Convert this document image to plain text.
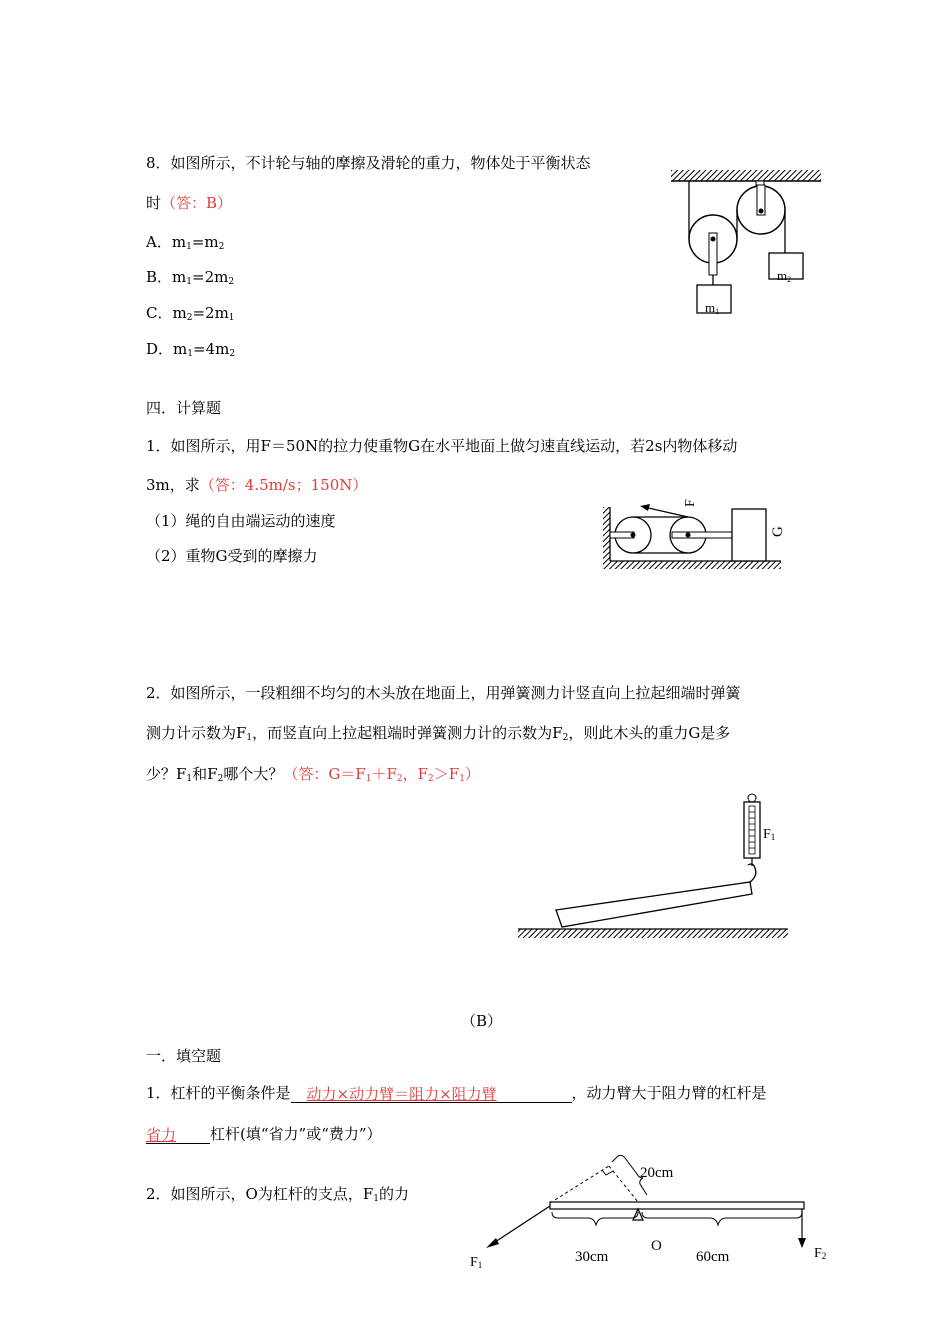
8．如图所示，不计轮与轴的摩擦及滑轮的重力，物体处于平衡状态
时（答：B）
A．$m_1=m_2$
B．$m_1=2m_2$
C．$m_2=2m_1$
D．$m_1=4m_2$
m1
m2
四．计算题
1．如图所示，用F＝50N的拉力使重物G在水平地面上做匀速直线运动，若2s内物体移动
3m，求（答：4.5m/s；150N）
（1）绳的自由端运动的速度
（2）重物G受到的摩擦力
F
G
2．如图所示，一段粗细不均匀的木头放在地面上，用弹簧测力计竖直向上拉起细端时弹簧
测力计示数为$F_1$，而竖直向上拉起粗端时弹簧测力计的示数为$F_2$，则此木头的重力G是多
少？$F_1$和$F_2$哪个大？（答：$G=F_1+F_2$，$F_2>F_1$）
F1
（B）
一．填空题
1．杠杆的平衡条件是 动力×动力臂＝阻力×阻力臂	，动力臂大于阻力臂的杠杆是
省力 杠杆(填“省力”或“费力”）
2．如图所示，O为杠杆的支点，$F_1$的力
20cm
F1
F2
O
30cm	60cm
